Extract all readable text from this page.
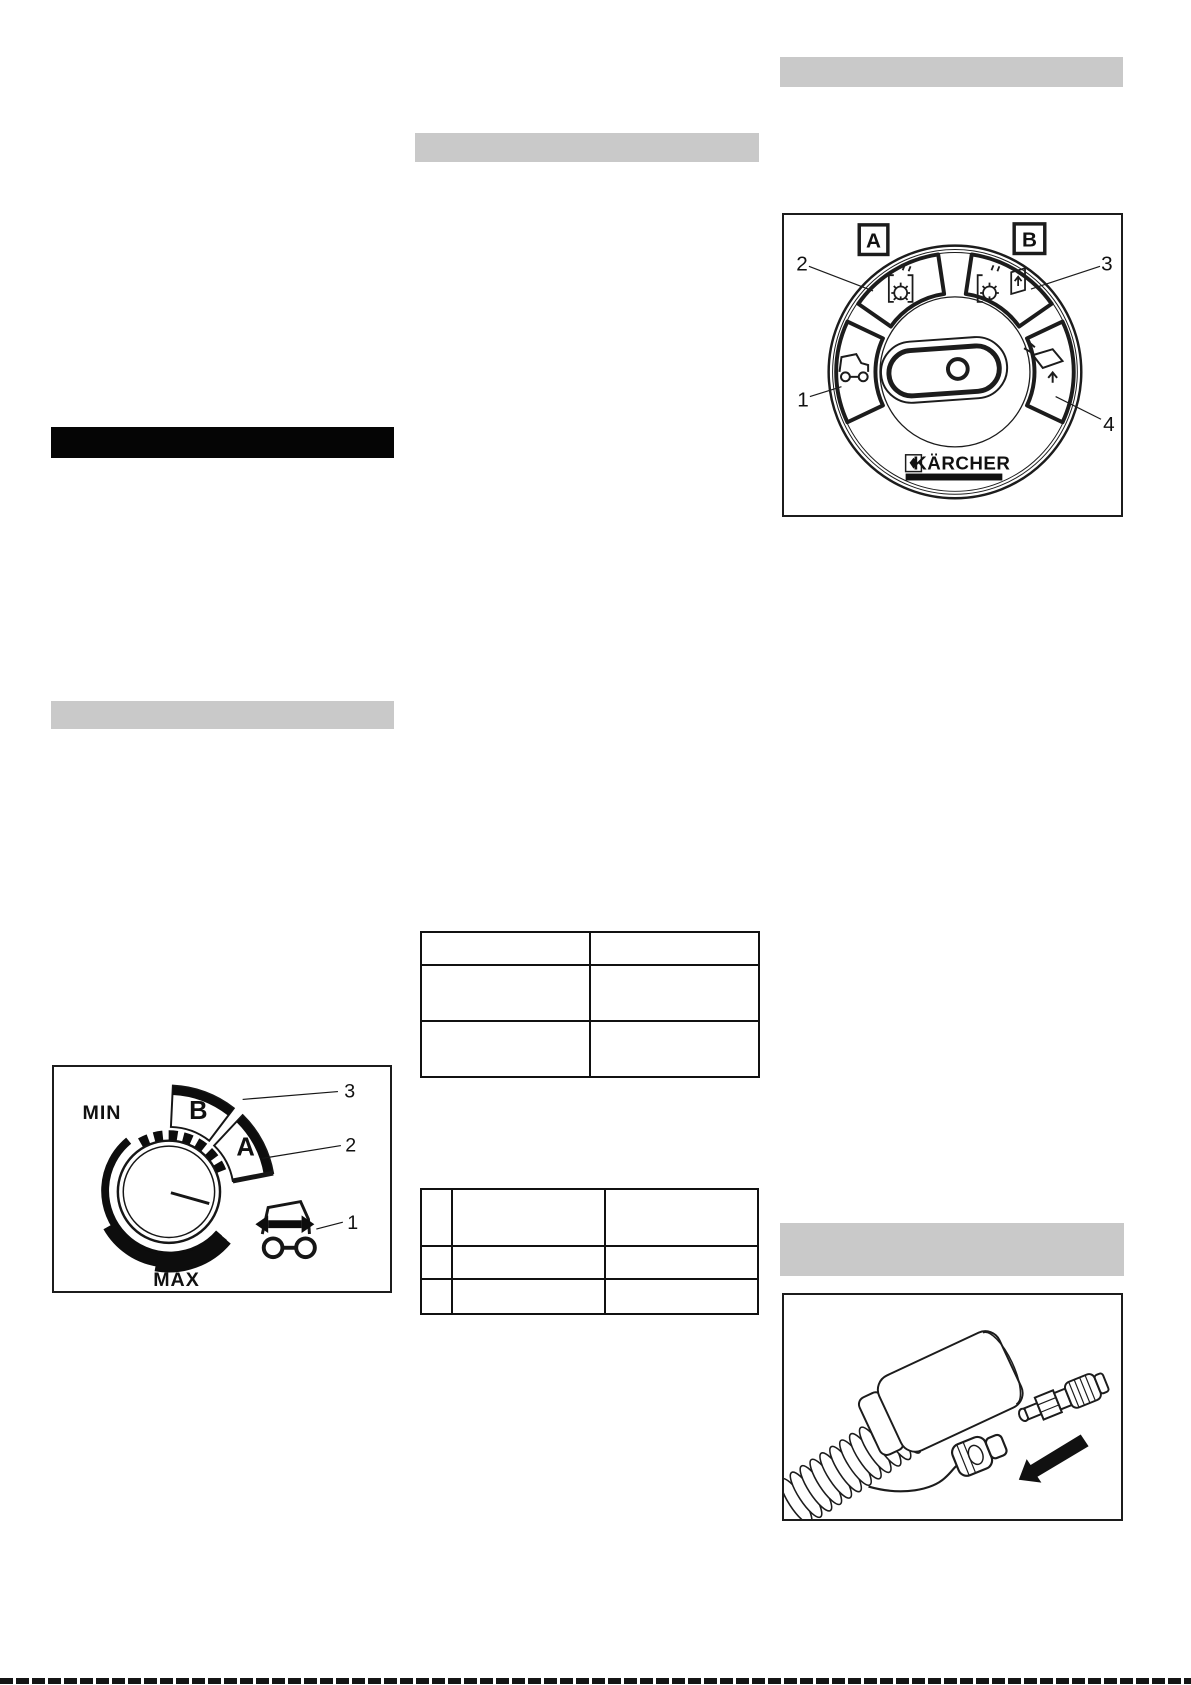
MIN
MAX
B
A
3
2
1

A	B
2	3
1
4
KÄRCHER
